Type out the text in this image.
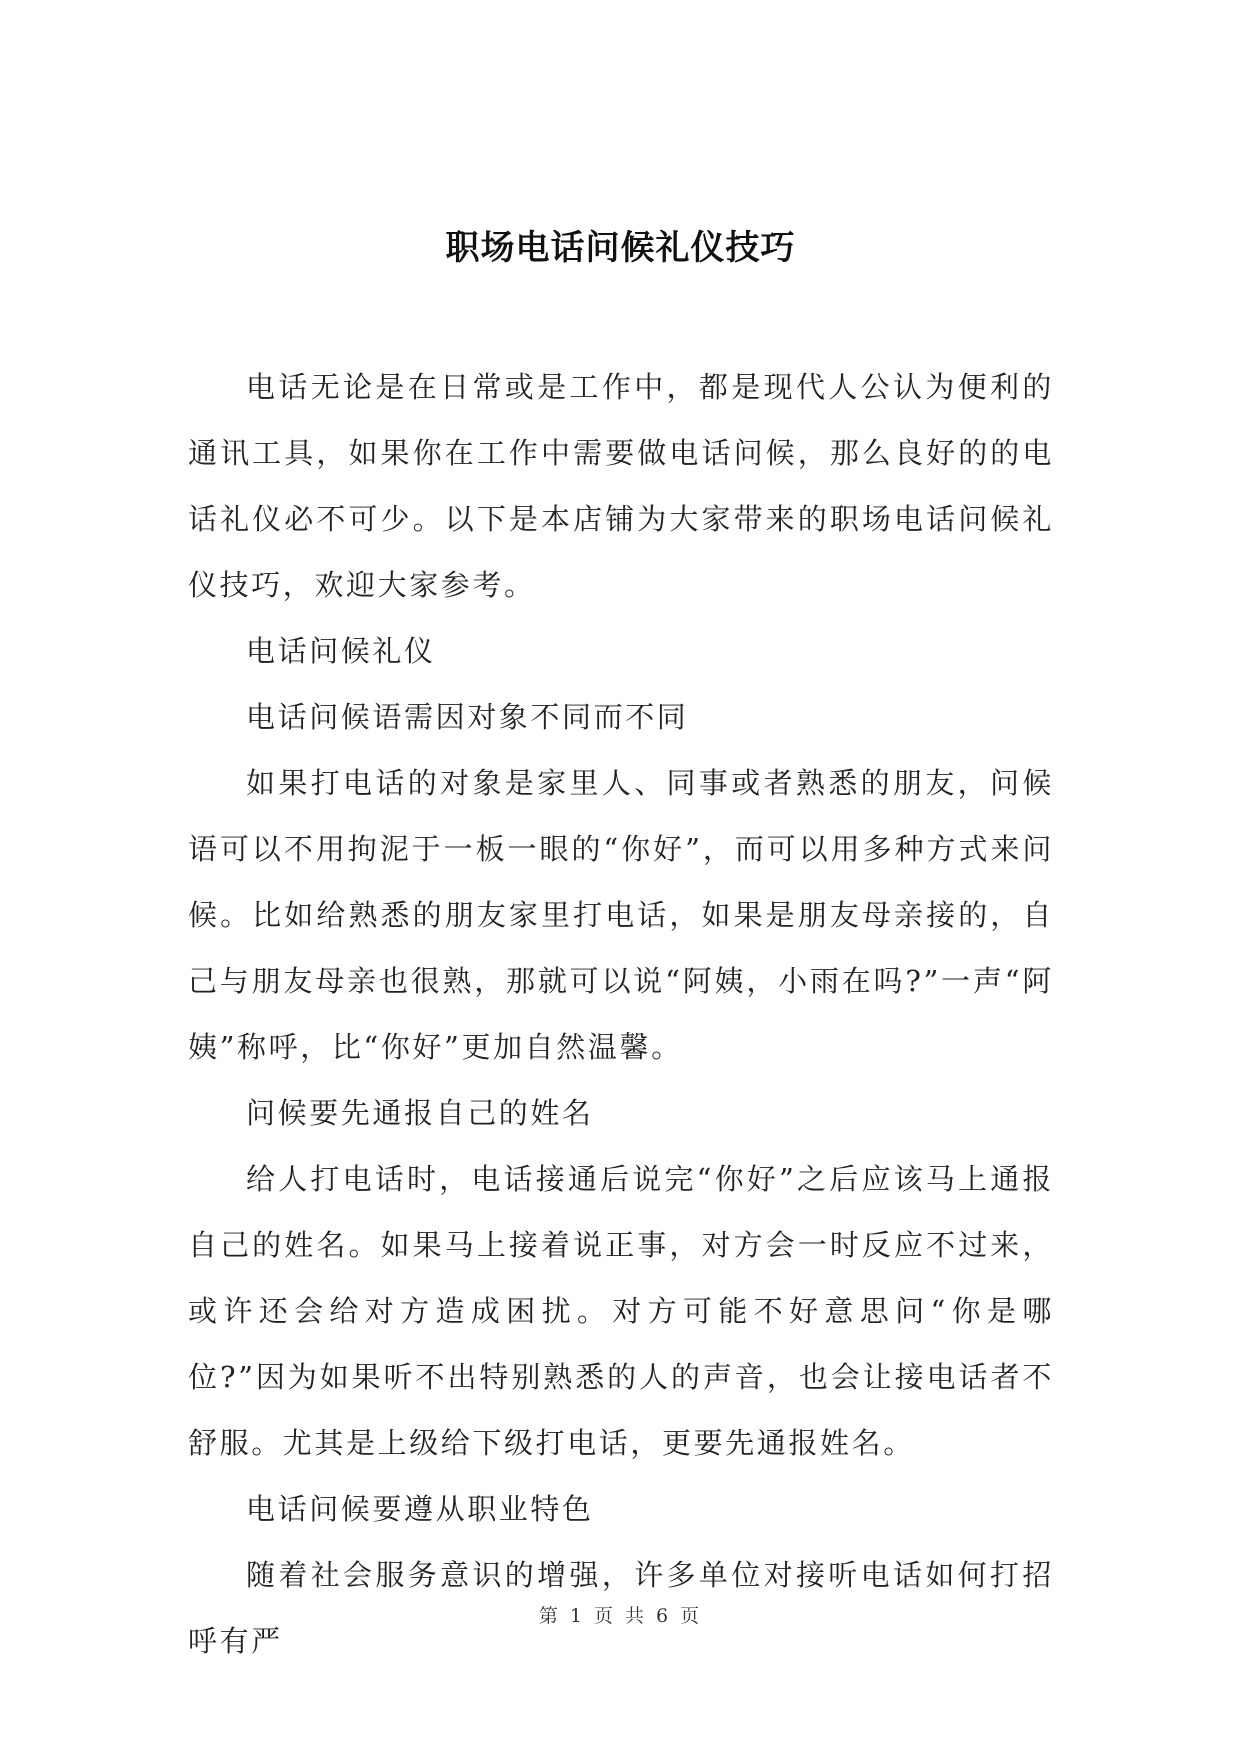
职场电话问候礼仪技巧

电话无论是在日常或是工作中，都是现代人公认为便利的通讯工具，如果你在工作中需要做电话问候，那么良好的的电话礼仪必不可少。以下是本店铺为大家带来的职场电话问候礼仪技巧，欢迎大家参考。

电话问候礼仪

电话问候语需因对象不同而不同

如果打电话的对象是家里人、同事或者熟悉的朋友，问候语可以不用拘泥于一板一眼的“你好”，而可以用多种方式来问候。比如给熟悉的朋友家里打电话，如果是朋友母亲接的，自己与朋友母亲也很熟，那就可以说“阿姨，小雨在吗?”一声“阿姨”称呼，比“你好”更加自然温馨。

问候要先通报自己的姓名

给人打电话时，电话接通后说完“你好”之后应该马上通报自己的姓名。如果马上接着说正事，对方会一时反应不过来，或许还会给对方造成困扰。对方可能不好意思问“你是哪位?”因为如果听不出特别熟悉的人的声音，也会让接电话者不舒服。尤其是上级给下级打电话，更要先通报姓名。

电话问候要遵从职业特色

随着社会服务意识的增强，许多单位对接听电话如何打招呼有严

第 1 页 共 6 页
